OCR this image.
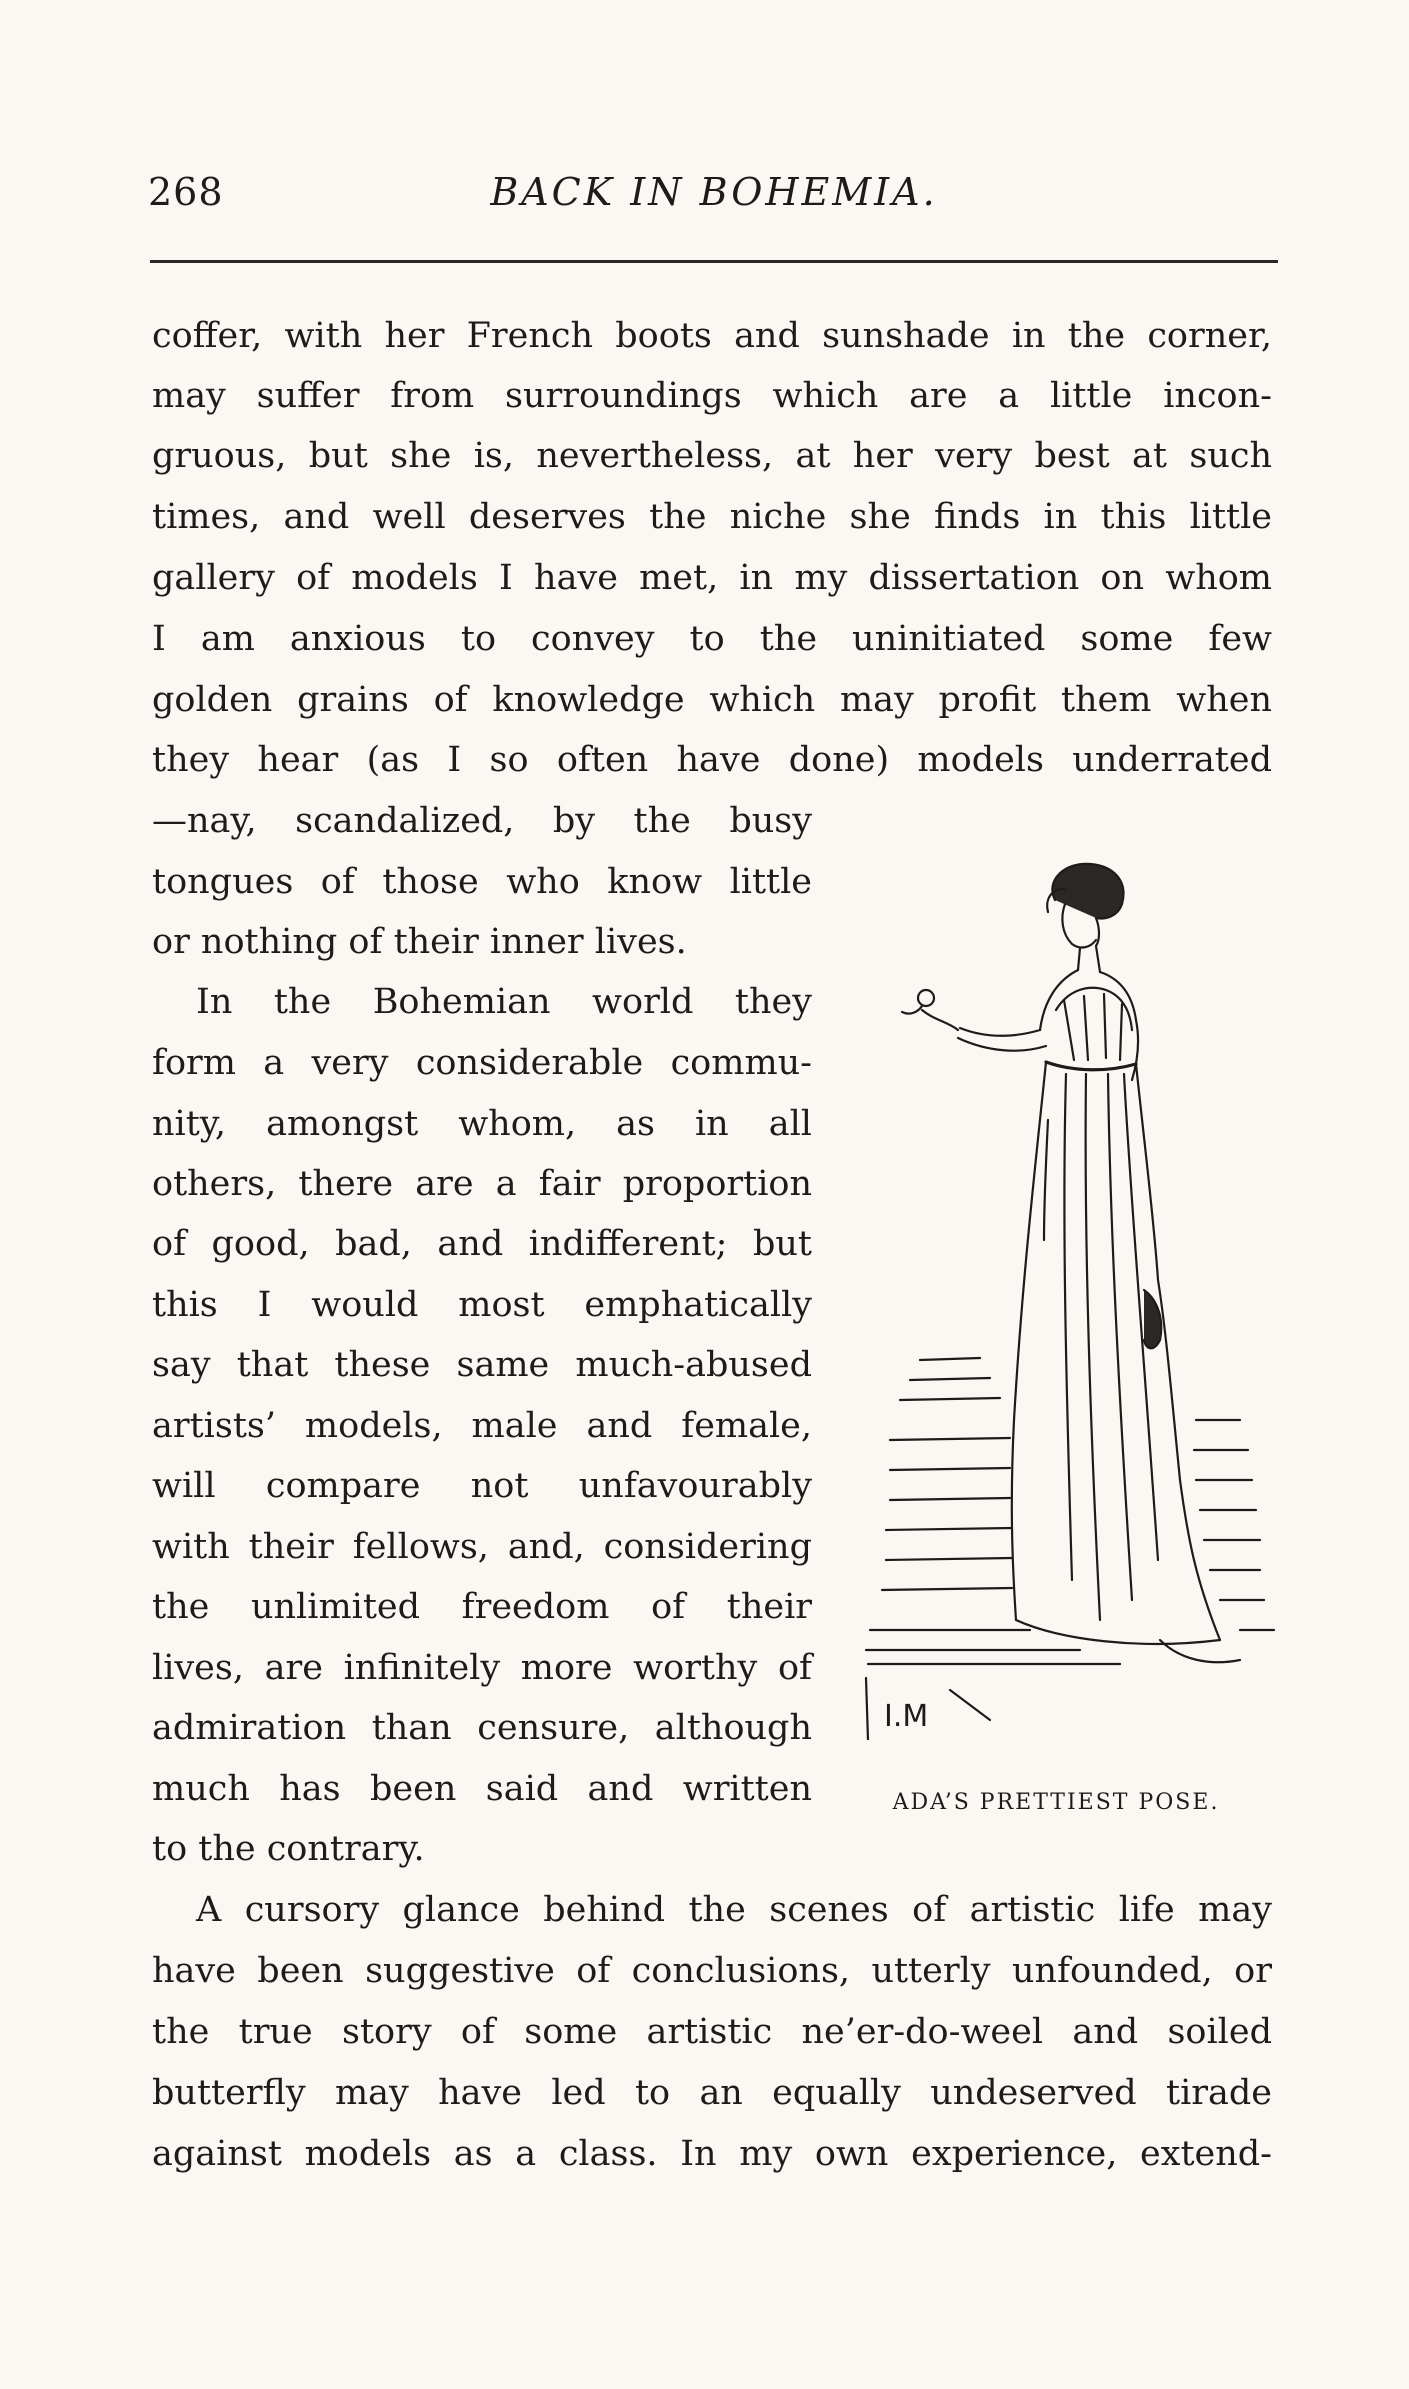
268	BACK IN BOHEMIA.
coffer, with her French boots and sunshade in the corner,
may suffer from surroundings which are a little incon-
gruous, but she is, nevertheless, at her very best at such
times, and well deserves the niche she finds in this little
gallery of models I have met, in my dissertation on whom
I am anxious to convey to the uninitiated some few
golden grains of knowledge which may profit them when
they hear (as I so often have done) models underrated
—nay, scandalized, by the busy
tongues of those who know little
or nothing of their inner lives.
In the Bohemian world they
form a very considerable commu-
nity, amongst whom, as in all
others, there are a fair proportion
of good, bad, and indifferent; but
this I would most emphatically
say that these same much-abused
artists’ models, male and female,
will compare not unfavourably
with their fellows, and, considering
the unlimited freedom of their
lives, are infinitely more worthy of
admiration than censure, although
much has been said and written
to the contrary.
A cursory glance behind the scenes of artistic life may
have been suggestive of conclusions, utterly unfounded, or
the true story of some artistic ne’er-do-weel and soiled
butterfly may have led to an equally undeserved tirade
against models as a class. In my own experience, extend-
I.M
ADA’S PRETTIEST POSE.
